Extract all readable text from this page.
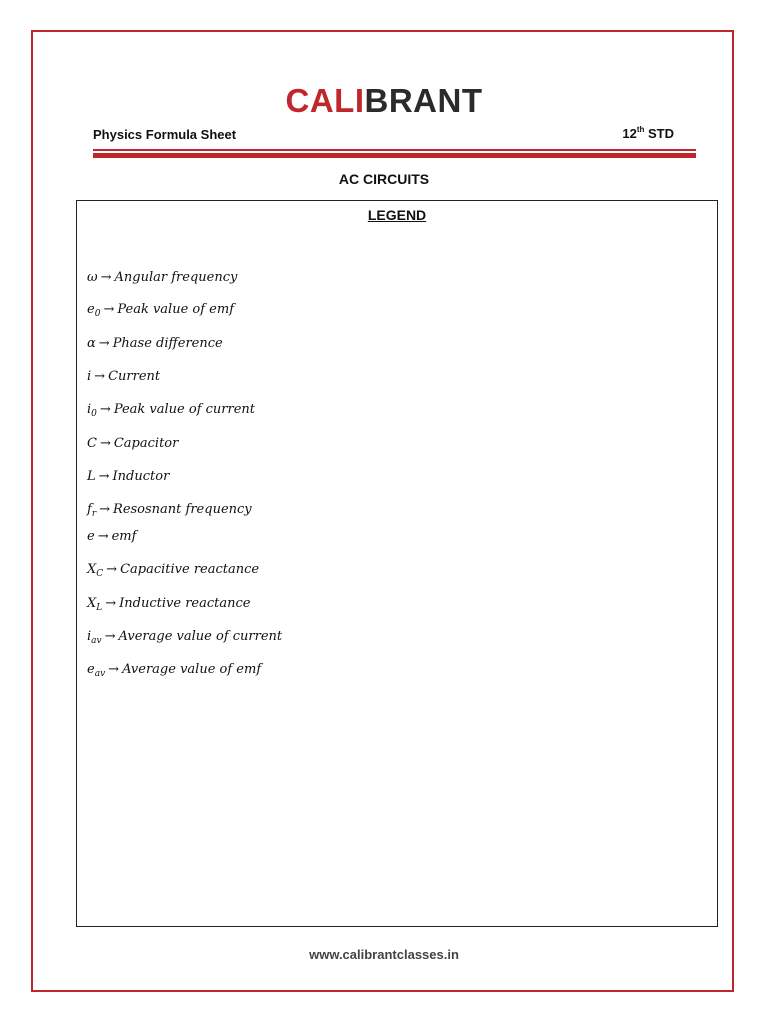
CALIBRANT
Physics Formula Sheet	12th STD
AC CIRCUITS
LEGEND
ω → Angular frequency
$e_0$ → Peak value of emf
α → Phase difference
i → Current
$i_0$ → Peak value of current
C → Capacitor
L → Inductor
$f_r$ → Resosnant frequency
e → emf
$X_C$ → Capacitive reactance
$X_L$ → Inductive reactance
$i_{av}$ → Average value of current
$e_{av}$ → Average value of emf
www.calibrantclasses.in
